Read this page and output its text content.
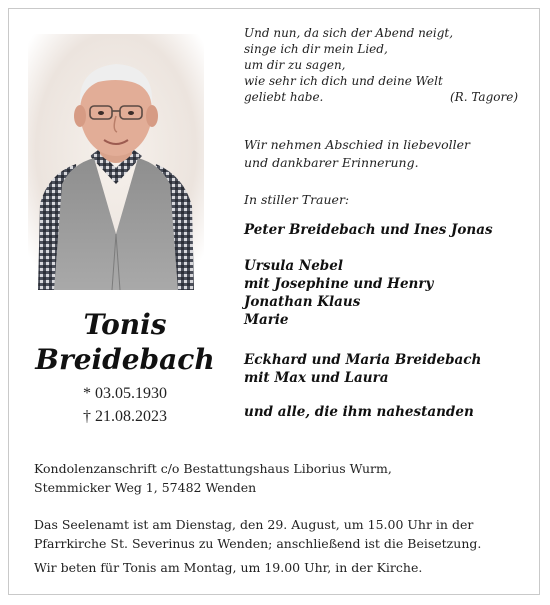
Tonis
Breidebach
* 03.05.1930
† 21.08.2023
Und nun, da sich der Abend neigt,
singe ich dir mein Lied,
um dir zu sagen,
wie sehr ich dich und deine Welt
geliebt habe.	(R. Tagore)
Wir nehmen Abschied in liebevoller
und dankbarer Erinnerung.
In stiller Trauer:
Peter Breidebach und Ines Jonas
Ursula Nebel
mit Josephine und Henry
Jonathan Klaus
Marie
Eckhard und Maria Breidebach
mit Max und Laura
und alle, die ihm nahestanden
Kondolenzanschrift c/o Bestattungshaus Liborius Wurm,
Stemmicker Weg 1, 57482 Wenden
Das Seelenamt ist am Dienstag, den 29. August, um 15.00 Uhr in der
Pfarrkirche St. Severinus zu Wenden; anschließend ist die Beisetzung.
Wir beten für Tonis am Montag, um 19.00 Uhr, in der Kirche.
